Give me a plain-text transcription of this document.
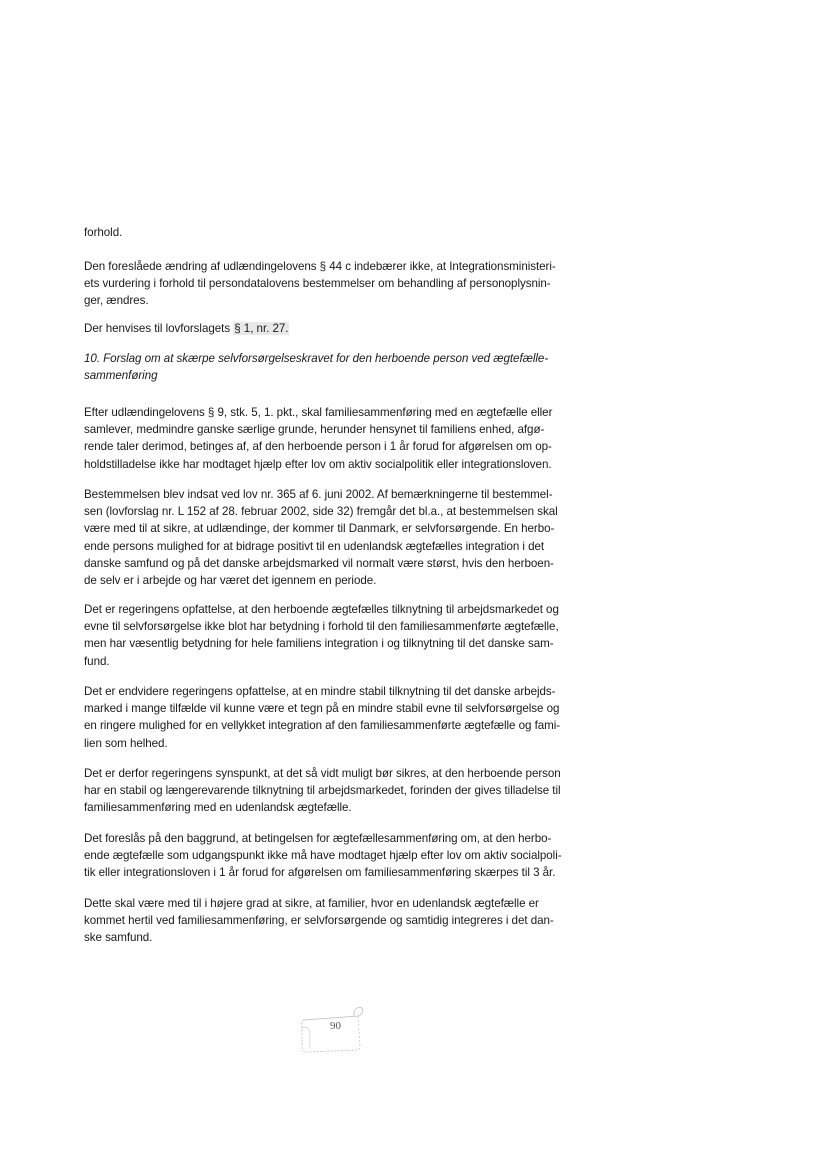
forhold.

Den foreslåede ændring af udlændingelovens § 44 c indebærer ikke, at Integrationsministeri-
ets vurdering i forhold til persondatalovens bestemmelser om behandling af personoplysnin-
ger, ændres.

Der henvises til lovforslagets § 1, nr. 27.

10. Forslag om at skærpe selvforsørgelseskravet for den herboende person ved ægtefælle-
sammenføring

Efter udlændingelovens § 9, stk. 5, 1. pkt., skal familiesammenføring med en ægtefælle eller
samlever, medmindre ganske særlige grunde, herunder hensynet til familiens enhed, afgø-
rende taler derimod, betinges af, af den herboende person i 1 år forud for afgørelsen om op-
holdstilladelse ikke har modtaget hjælp efter lov om aktiv socialpolitik eller integrationsloven.

Bestemmelsen blev indsat ved lov nr. 365 af 6. juni 2002. Af bemærkningerne til bestemmel-
sen (lovforslag nr. L 152 af 28. februar 2002, side 32) fremgår det bl.a., at bestemmelsen skal
være med til at sikre, at udlændinge, der kommer til Danmark, er selvforsørgende. En herbo-
ende persons mulighed for at bidrage positivt til en udenlandsk ægtefælles integration i det
danske samfund og på det danske arbejdsmarked vil normalt være størst, hvis den herboen-
de selv er i arbejde og har været det igennem en periode.

Det er regeringens opfattelse, at den herboende ægtefælles tilknytning til arbejdsmarkedet og
evne til selvforsørgelse ikke blot har betydning i forhold til den familiesammenførte ægtefælle,
men har væsentlig betydning for hele familiens integration i og tilknytning til det danske sam-
fund.

Det er endvidere regeringens opfattelse, at en mindre stabil tilknytning til det danske arbejds-
marked i mange tilfælde vil kunne være et tegn på en mindre stabil evne til selvforsørgelse og
en ringere mulighed for en vellykket integration af den familiesammenførte ægtefælle og fami-
lien som helhed.

Det er derfor regeringens synspunkt, at det så vidt muligt bør sikres, at den herboende person
har en stabil og længerevarende tilknytning til arbejdsmarkedet, forinden der gives tilladelse til
familiesammenføring med en udenlandsk ægtefælle.

Det foreslås på den baggrund, at betingelsen for ægtefællesammenføring om, at den herbo-
ende ægtefælle som udgangspunkt ikke må have modtaget hjælp efter lov om aktiv socialpoli-
tik eller integrationsloven i 1 år forud for afgørelsen om familiesammenføring skærpes til 3 år.

Dette skal være med til i højere grad at sikre, at familier, hvor en udenlandsk ægtefælle er
kommet hertil ved familiesammenføring, er selvforsørgende og samtidig integreres i det dan-
ske samfund.

90
